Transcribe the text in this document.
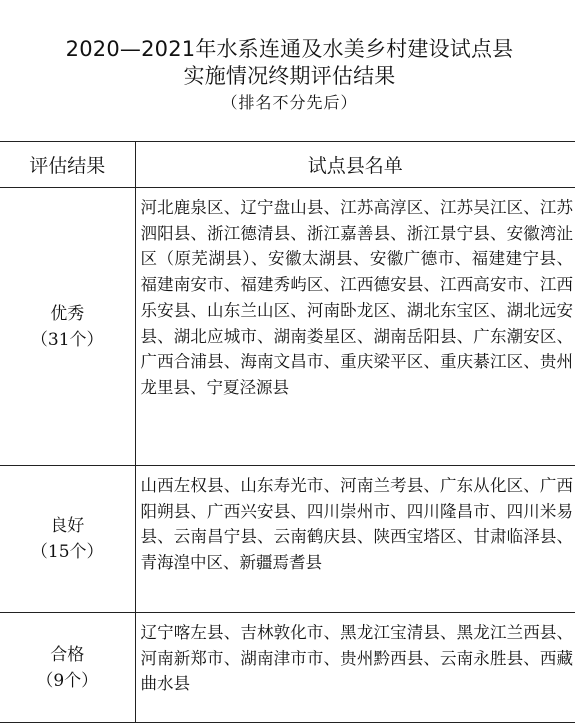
2020—2021年水系连通及水美乡村建设试点县
实施情况终期评估结果
（排名不分先后）
评估结果	试点县名单

优秀
（31个）	河北鹿泉区、辽宁盘山县、江苏高淳区、江苏吴江区、江苏泗阳县、浙江德清县、浙江嘉善县、浙江景宁县、安徽湾沚区（原芜湖县）、安徽太湖县、安徽广德市、福建建宁县、福建南安市、福建秀屿区、江西德安县、江西高安市、江西乐安县、山东兰山区、河南卧龙区、湖北东宝区、湖北远安县、湖北应城市、湖南娄星区、湖南岳阳县、广东潮安区、广西合浦县、海南文昌市、重庆梁平区、重庆綦江区、贵州龙里县、宁夏泾源县

良好
（15个）	山西左权县、山东寿光市、河南兰考县、广东从化区、广西阳朔县、广西兴安县、四川崇州市、四川隆昌市、四川米易县、云南昌宁县、云南鹤庆县、陕西宝塔区、甘肃临泽县、青海湟中区、新疆焉耆县

合格
（9个）	辽宁喀左县、吉林敦化市、黑龙江宝清县、黑龙江兰西县、河南新郑市、湖南津市市、贵州黔西县、云南永胜县、西藏曲水县
